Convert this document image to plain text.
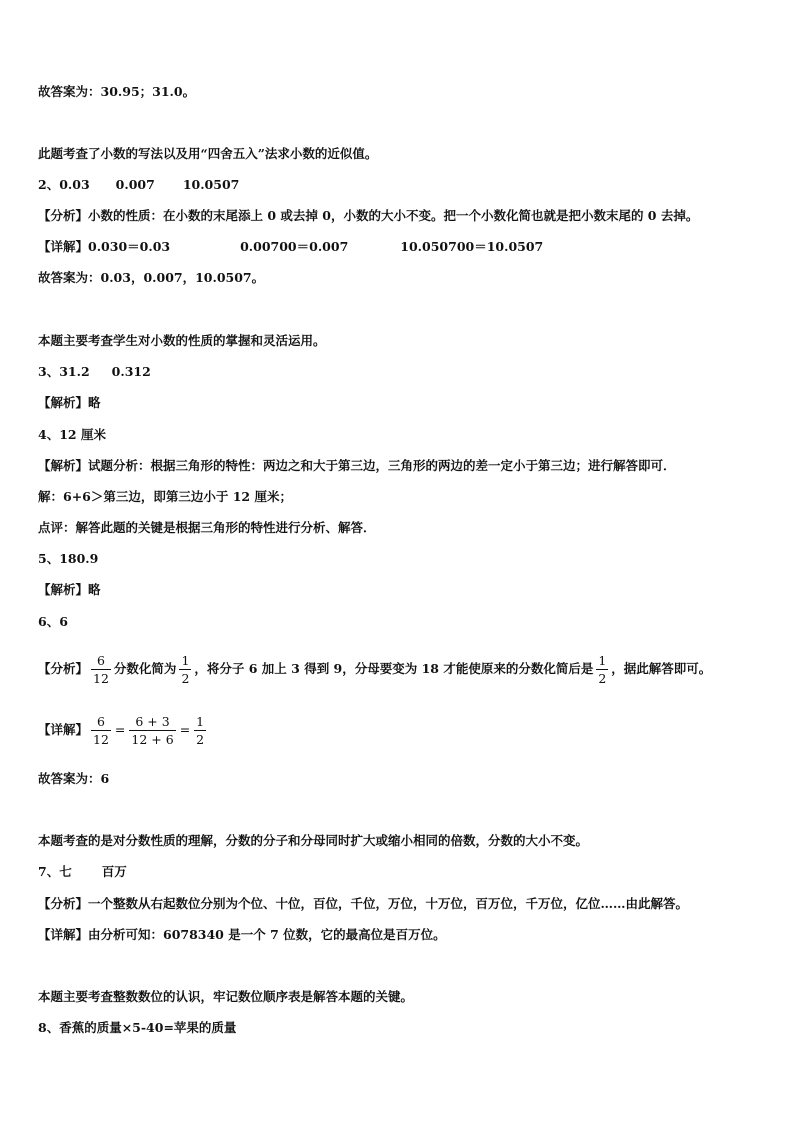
故答案为：30.95；31.0。
此题考查了小数的写法以及用“四舍五入”法求小数的近似值。
2、0.03 0.007 10.0507
【分析】小数的性质：在小数的末尾添上 0 或去掉 0，小数的大小不变。把一个小数化简也就是把小数末尾的 0 去掉。
【详解】0.030＝0.03	0.00700＝0.007	10.050700＝10.0507
故答案为：0.03，0.007，10.0507。
本题主要考查学生对小数的性质的掌握和灵活运用。
3、31.2 0.312
【解析】略
4、12 厘米
【解析】试题分析：根据三角形的特性：两边之和大于第三边，三角形的两边的差一定小于第三边；进行解答即可．
解：6+6＞第三边，即第三边小于 12 厘米；
点评：解答此题的关键是根据三角形的特性进行分析、解答．
5、180.9
【解析】略
6、6
【分析】 $\frac{6}{12}$ 分数化简为 $\frac{1}{2}$ ，将分子 6 加上 3 得到 9，分母要变为 18 才能使原来的分数化简后是 $\frac{1}{2}$ ，据此解答即可。
【详解】 $\frac{6}{12} = \frac{6 + 3}{12 + 6} = \frac{1}{2}$
故答案为：6
本题考查的是对分数性质的理解，分数的分子和分母同时扩大或缩小相同的倍数，分数的大小不变。
7、七 百万
【分析】一个整数从右起数位分别为个位、十位，百位，千位，万位，十万位，百万位，千万位，亿位……由此解答。
【详解】由分析可知：6078340 是一个 7 位数，它的最高位是百万位。
本题主要考查整数数位的认识，牢记数位顺序表是解答本题的关键。
8、香蕉的质量×5-40=苹果的质量
